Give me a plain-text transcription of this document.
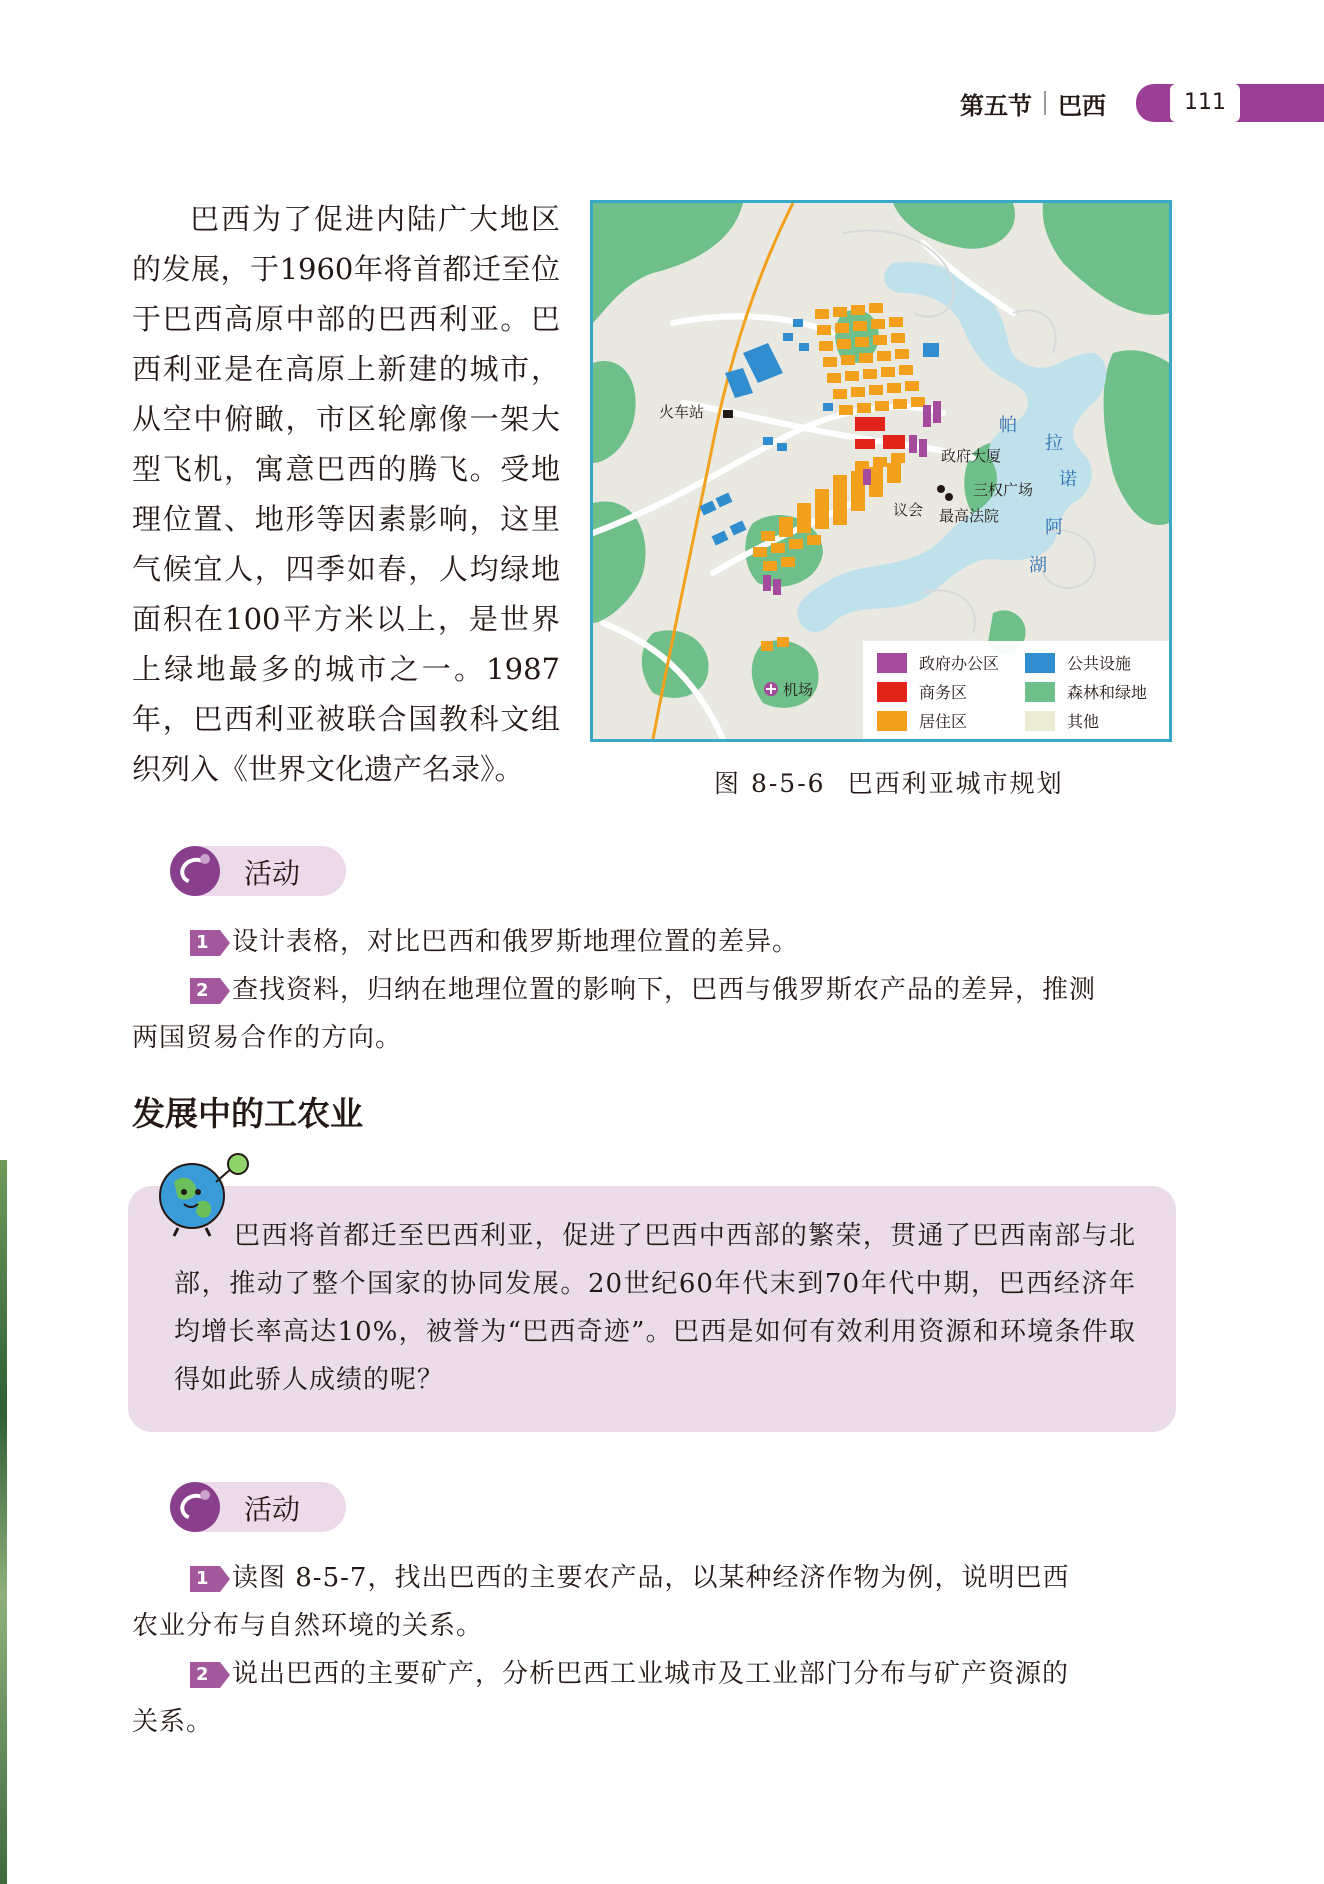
第五节 巴西	111

巴西为了促进内陆广大地区的发展，于1960年将首都迁至位于巴西高原中部的巴西利亚。巴西利亚是在高原上新建的城市，从空中俯瞰，市区轮廓像一架大型飞机，寓意巴西的腾飞。受地理位置、地形等因素影响，这里气候宜人，四季如春，人均绿地面积在100平方米以上，是世界上绿地最多的城市之一。1987年，巴西利亚被联合国教科文组织列入《世界文化遗产名录》。

火车站
政府大厦
三权广场
议会 最高法院
机场
帕
拉
诺
阿
湖
政府办公区	公共设施
商务区	森林和绿地
居住区	其他
图 8-5-6 巴西利亚城市规划
活动
1 设计表格，对比巴西和俄罗斯地理位置的差异。
2 查找资料，归纳在地理位置的影响下，巴西与俄罗斯农产品的差异，推测
两国贸易合作的方向。
发展中的工农业

巴西将首都迁至巴西利亚，促进了巴西中西部的繁荣，贯通了巴西南部与北部，推动了整个国家的协同发展。20世纪60年代末到70年代中期，巴西经济年均增长率高达10%，被誉为“巴西奇迹”。巴西是如何有效利用资源和环境条件取得如此骄人成绩的呢？

活动
1 读图 8-5-7，找出巴西的主要农产品，以某种经济作物为例，说明巴西
农业分布与自然环境的关系。
2 说出巴西的主要矿产，分析巴西工业城市及工业部门分布与矿产资源的
关系。
